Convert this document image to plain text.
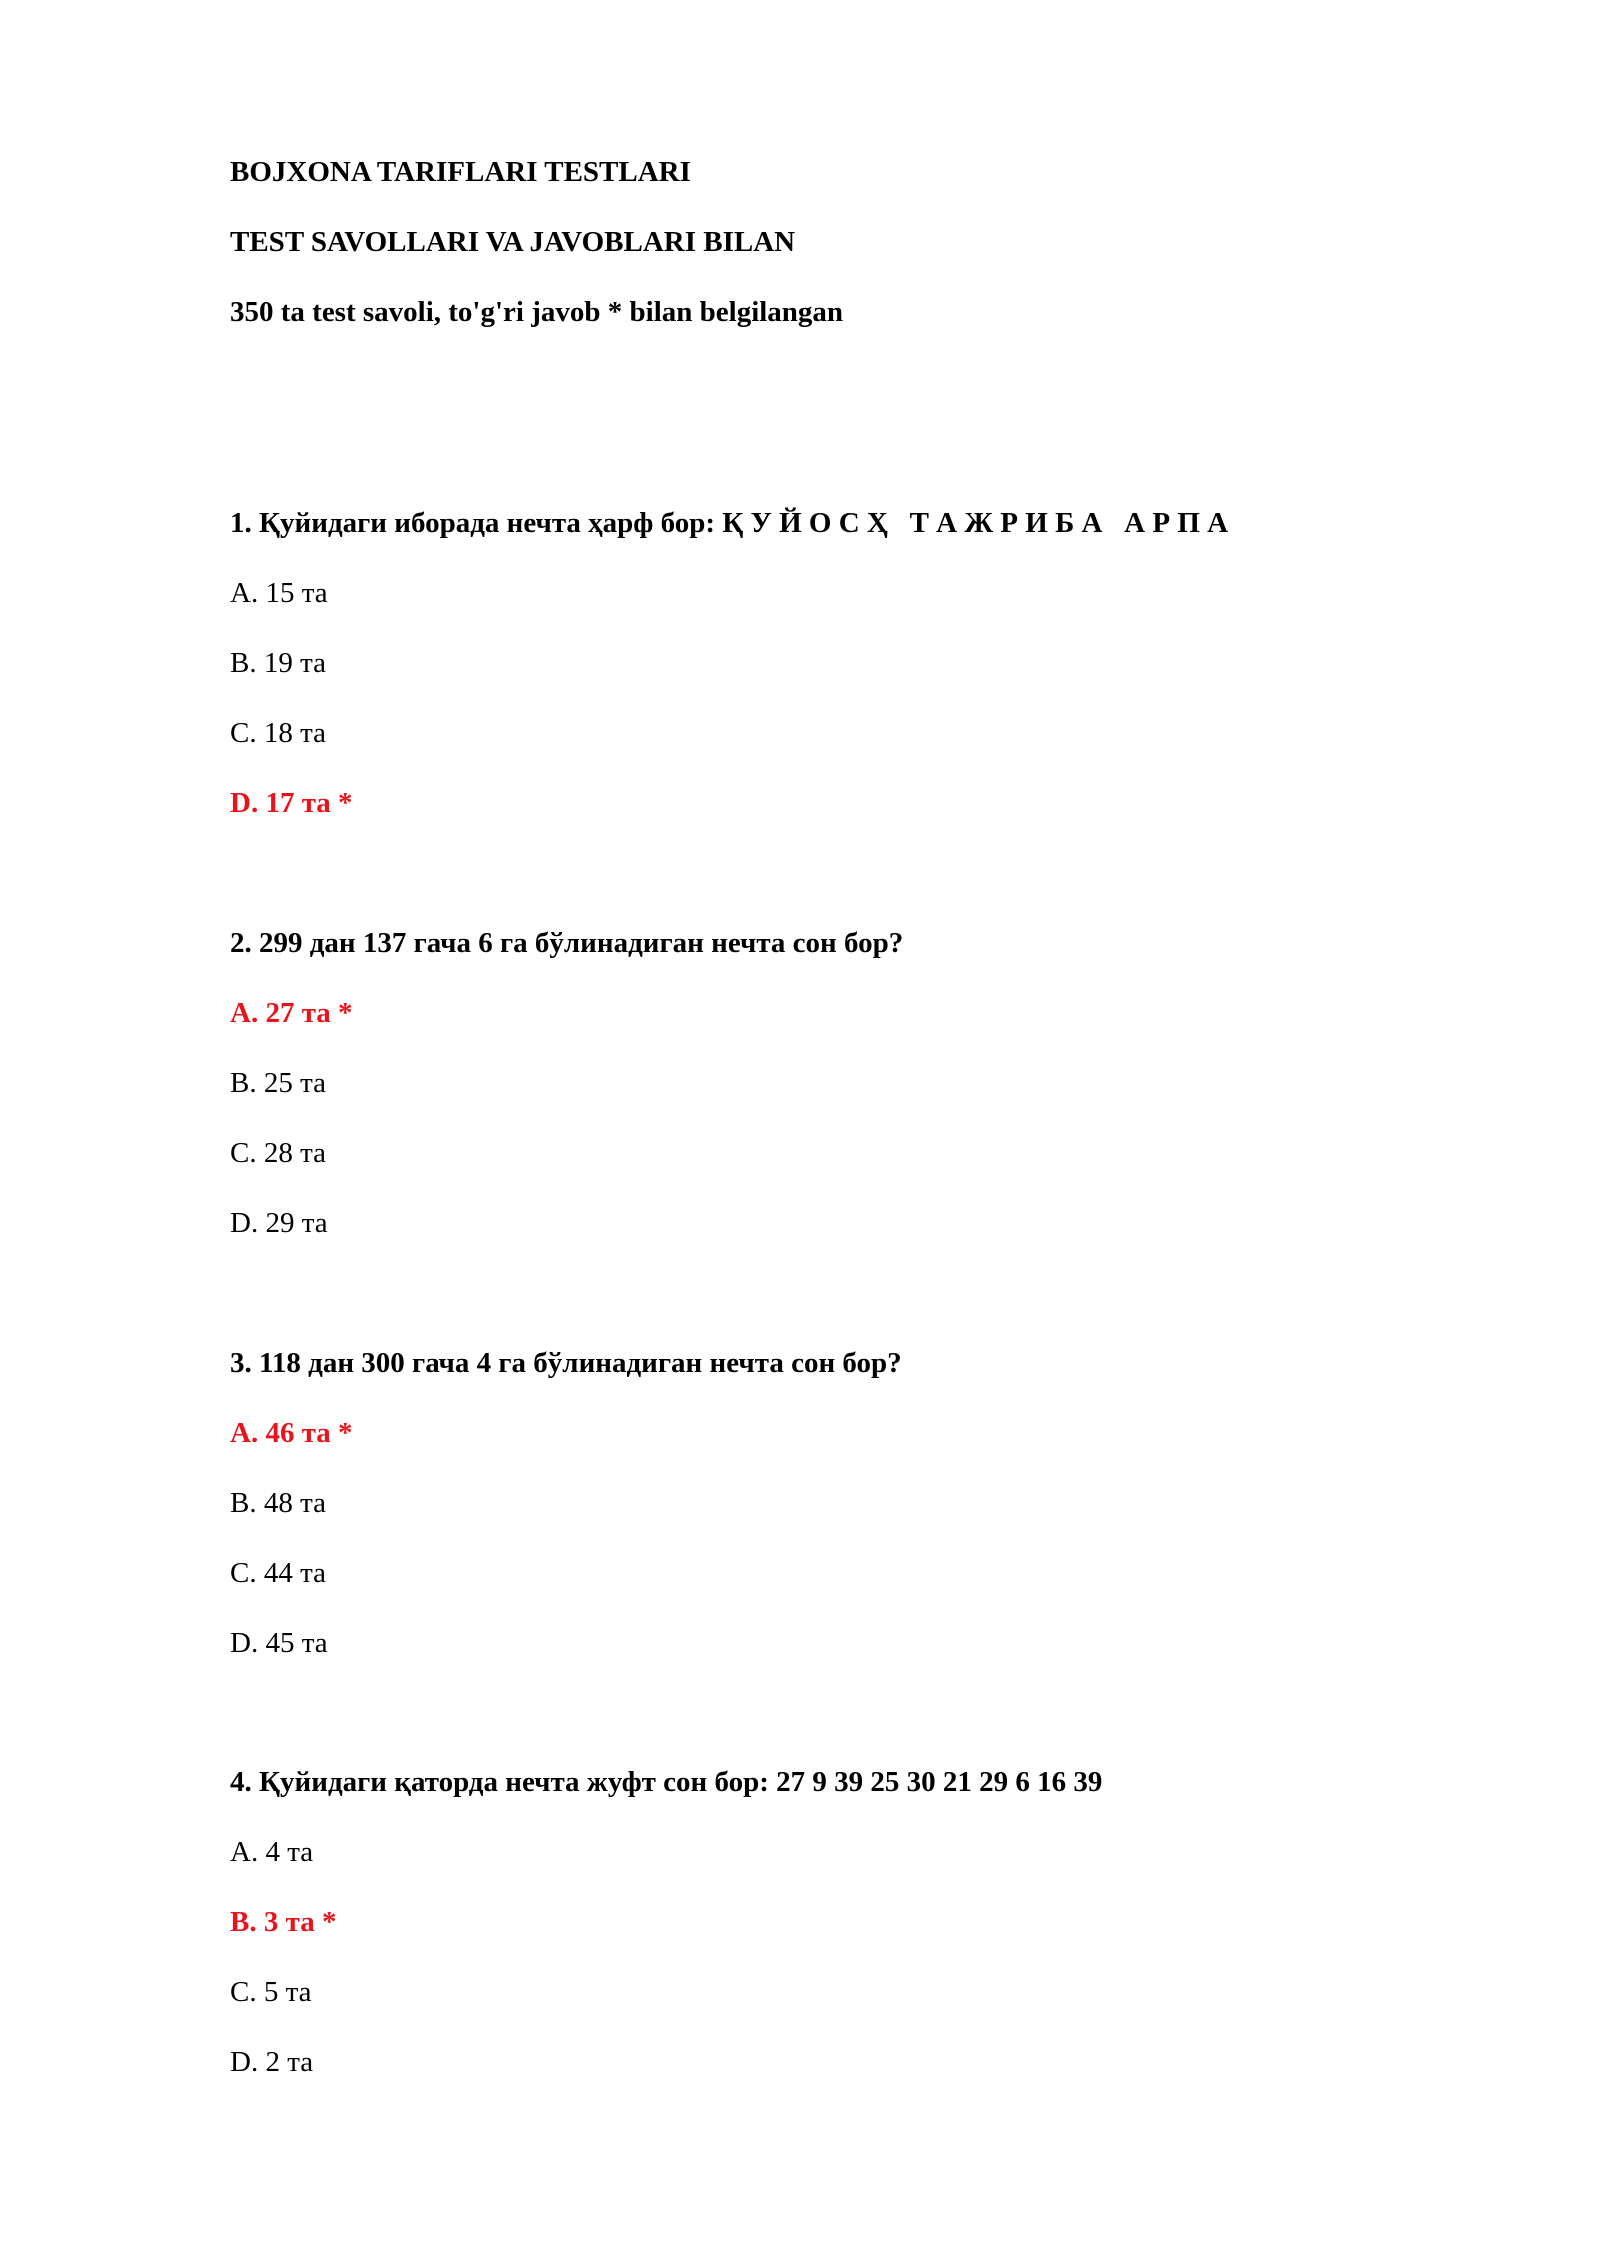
BOJXONA TARIFLARI TESTLARI
TEST SAVOLLARI VA JAVOBLARI BILAN
350 ta test savoli, to'g'ri javob * bilan belgilangan
1. Қуйидаги иборада нечта ҳарф бор: Қ У Й О С Ҳ   Т А Ж Р И Б А   А Р П А
A. 15 та
B. 19 та
C. 18 та
D. 17 та *
2. 299 дан 137 гача 6 га бўлинадиган нечта сон бор?
A. 27 та *
B. 25 та
C. 28 та
D. 29 та
3. 118 дан 300 гача 4 га бўлинадиган нечта сон бор?
A. 46 та *
B. 48 та
C. 44 та
D. 45 та
4. Қуйидаги қаторда нечта жуфт сон бор: 27 9 39 25 30 21 29 6 16 39
A. 4 та
B. 3 та *
C. 5 та
D. 2 та
